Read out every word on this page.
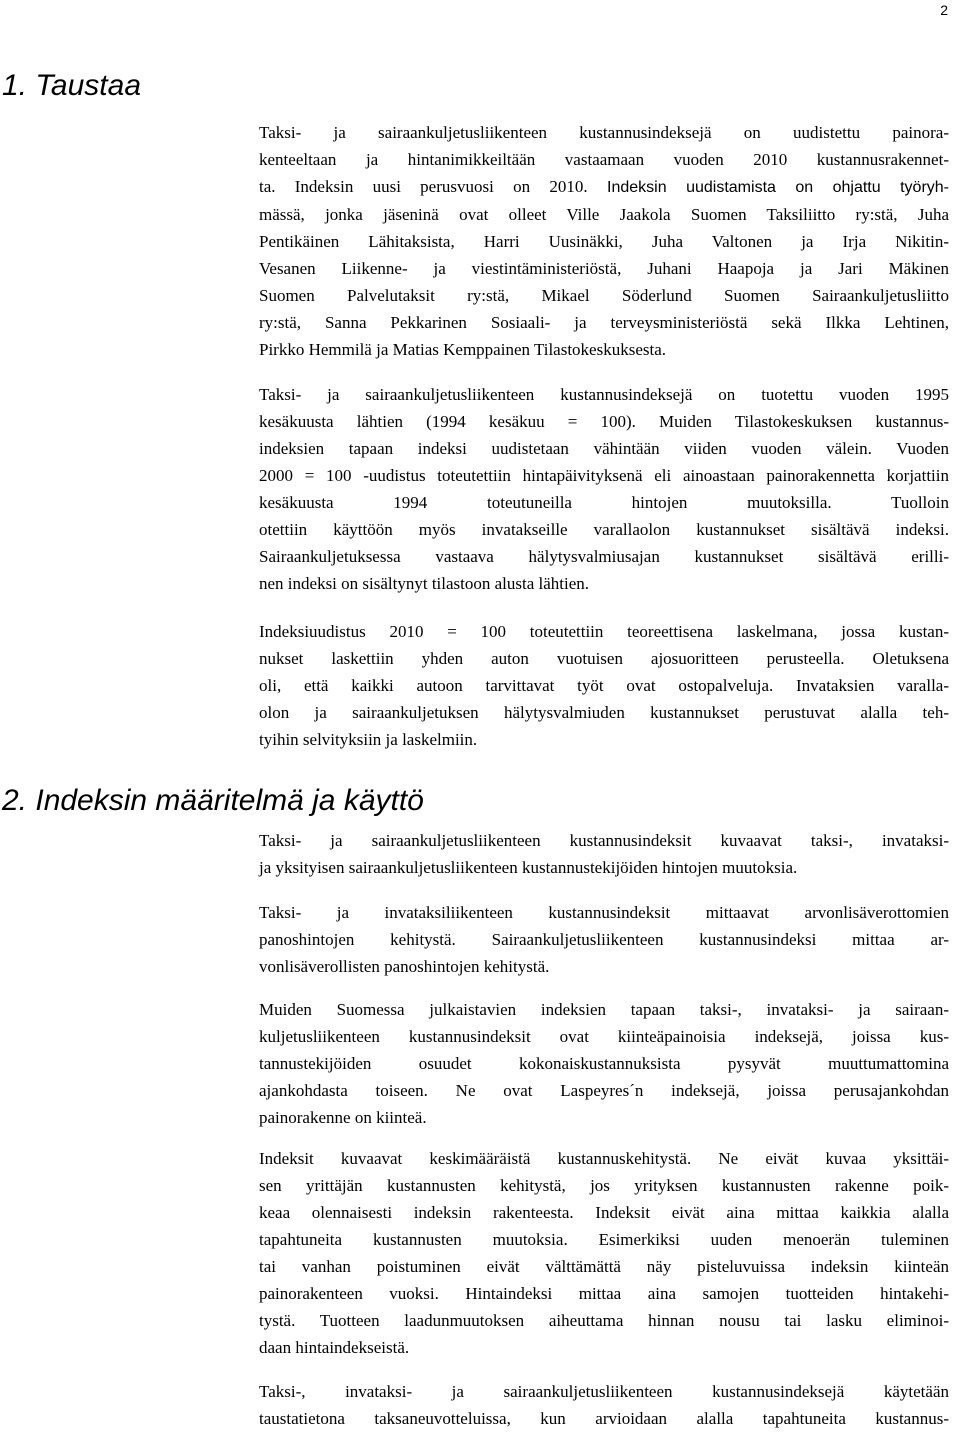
2
1. Taustaa
Taksi- ja sairaankuljetusliikenteen kustannusindeksejä on uudistettu painora-
kenteeltaan ja hintanimikkeiltään vastaamaan vuoden 2010 kustannusrakennet-
ta. Indeksin uusi perusvuosi on 2010. Indeksin uudistamista on ohjattu työryh-
mässä, jonka jäseninä ovat olleet Ville Jaakola Suomen Taksiliitto ry:stä, Juha
Pentikäinen Lähitaksista, Harri Uusinäkki, Juha Valtonen ja Irja Nikitin-
Vesanen Liikenne- ja viestintäministeriöstä, Juhani Haapoja ja Jari Mäkinen
Suomen Palvelutaksit ry:stä, Mikael Söderlund Suomen Sairaankuljetusliitto
ry:stä, Sanna Pekkarinen Sosiaali- ja terveysministeriöstä sekä Ilkka Lehtinen,
Pirkko Hemmilä ja Matias Kemppainen Tilastokeskuksesta.
Taksi- ja sairaankuljetusliikenteen kustannusindeksejä on tuotettu vuoden 1995
kesäkuusta lähtien (1994 kesäkuu = 100). Muiden Tilastokeskuksen kustannus-
indeksien tapaan indeksi uudistetaan vähintään viiden vuoden välein. Vuoden
2000 = 100 -uudistus toteutettiin hintapäivityksenä eli ainoastaan painorakennetta korjattiin kesäkuusta 1994 toteutuneilla hintojen muutoksilla. Tuolloin
otettiin käyttöön myös invatakseille varallaolon kustannukset sisältävä indeksi.
Sairaankuljetuksessa vastaava hälytysvalmiusajan kustannukset sisältävä erilli-
nen indeksi on sisältynyt tilastoon alusta lähtien.
Indeksiuudistus 2010 = 100 toteutettiin teoreettisena laskelmana, jossa kustan-
nukset laskettiin yhden auton vuotuisen ajosuoritteen perusteella. Oletuksena
oli, että kaikki autoon tarvittavat työt ovat ostopalveluja. Invataksien varalla-
olon ja sairaankuljetuksen hälytysvalmiuden kustannukset perustuvat alalla teh-
tyihin selvityksiin ja laskelmiin.
2. Indeksin määritelmä ja käyttö
Taksi- ja sairaankuljetusliikenteen kustannusindeksit kuvaavat taksi-, invataksi-
ja yksityisen sairaankuljetusliikenteen kustannustekijöiden hintojen muutoksia.
Taksi- ja invataksiliikenteen kustannusindeksit mittaavat arvonlisäverottomien
panoshintojen kehitystä. Sairaankuljetusliikenteen kustannusindeksi mittaa ar-
vonlisäverollisten panoshintojen kehitystä.
Muiden Suomessa julkaistavien indeksien tapaan taksi-, invataksi- ja sairaan-
kuljetusliikenteen kustannusindeksit ovat kiinteäpainoisia indeksejä, joissa kus-
tannustekijöiden osuudet kokonaiskustannuksista pysyvät muuttumattomina
ajankohdasta toiseen. Ne ovat Laspeyres´n indeksejä, joissa perusajankohdan
painorakenne on kiinteä.
Indeksit kuvaavat keskimääräistä kustannuskehitystä. Ne eivät kuvaa yksittäi-
sen yrittäjän kustannusten kehitystä, jos yrityksen kustannusten rakenne poik-
keaa olennaisesti indeksin rakenteesta. Indeksit eivät aina mittaa kaikkia alalla
tapahtuneita kustannusten muutoksia. Esimerkiksi uuden menoerän tuleminen
tai vanhan poistuminen eivät välttämättä näy pisteluvuissa indeksin kiinteän
painorakenteen vuoksi. Hintaindeksi mittaa aina samojen tuotteiden hintakehi-
tystä. Tuotteen laadunmuutoksen aiheuttama hinnan nousu tai lasku eliminoi-
daan hintaindekseistä.
Taksi-, invataksi- ja sairaankuljetusliikenteen kustannusindeksejä käytetään
taustatietona taksaneuvotteluissa, kun arvioidaan alalla tapahtuneita kustannus-
